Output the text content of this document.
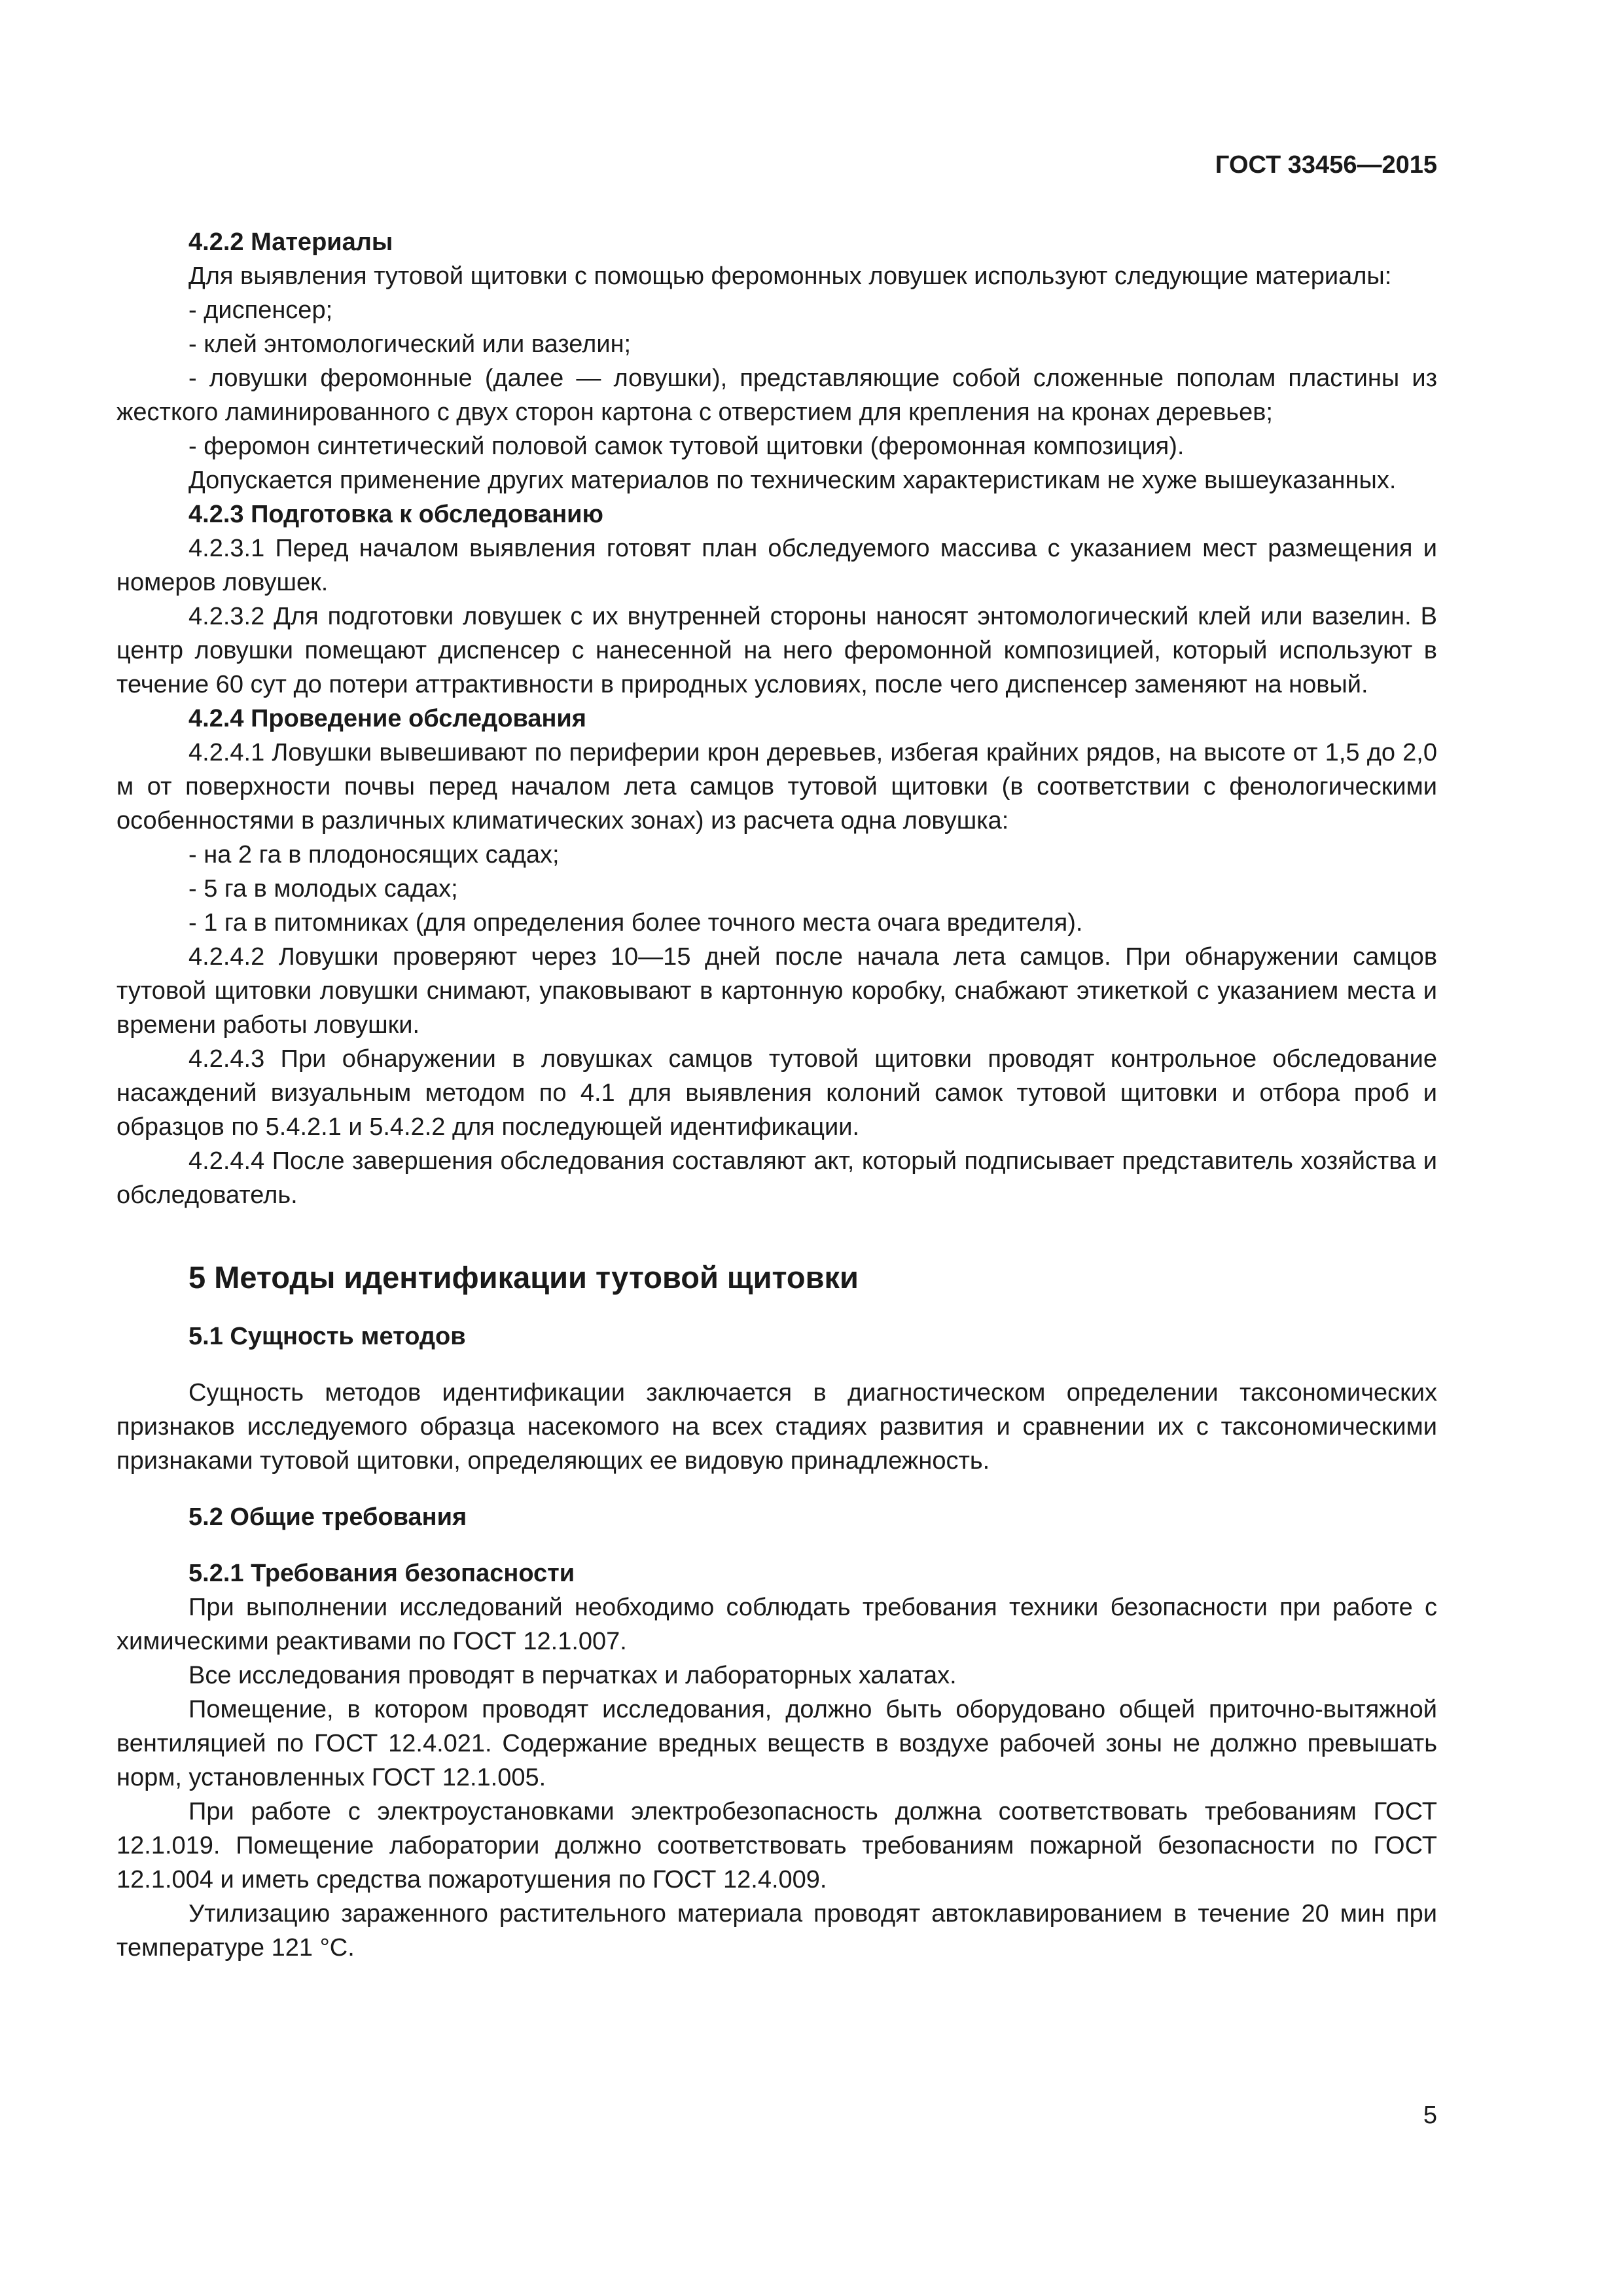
ГОСТ 33456—2015
4.2.2 Материалы

Для выявления тутовой щитовки с помощью феромонных ловушек используют следующие материалы:

- диспенсер;

- клей энтомологический или вазелин;

- ловушки феромонные (далее — ловушки), представляющие собой сложенные пополам пластины из жесткого ламинированного с двух сторон картона с отверстием для крепления на кронах деревьев;

- феромон синтетический половой самок тутовой щитовки (феромонная композиция).

Допускается применение других материалов по техническим характеристикам не хуже вышеуказанных.

4.2.3 Подготовка к обследованию

4.2.3.1 Перед началом выявления готовят план обследуемого массива с указанием мест размещения и номеров ловушек.

4.2.3.2 Для подготовки ловушек с их внутренней стороны наносят энтомологический клей или вазелин. В центр ловушки помещают диспенсер с нанесенной на него феромонной композицией, который используют в течение 60 сут до потери аттрактивности в природных условиях, после чего диспенсер заменяют на новый.

4.2.4 Проведение обследования

4.2.4.1 Ловушки вывешивают по периферии крон деревьев, избегая крайних рядов, на высоте от 1,5 до 2,0 м от поверхности почвы перед началом лета самцов тутовой щитовки (в соответствии с фенологическими особенностями в различных климатических зонах) из расчета одна ловушка:

- на 2 га в плодоносящих садах;

- 5 га в молодых садах;

- 1 га в питомниках (для определения более точного места очага вредителя).

4.2.4.2 Ловушки проверяют через 10—15 дней после начала лета самцов. При обнаружении самцов тутовой щитовки ловушки снимают, упаковывают в картонную коробку, снабжают этикеткой с указанием места и времени работы ловушки.

4.2.4.3 При обнаружении в ловушках самцов тутовой щитовки проводят контрольное обследование насаждений визуальным методом по 4.1 для выявления колоний самок тутовой щитовки и отбора проб и образцов по 5.4.2.1 и 5.4.2.2 для последующей идентификации.

4.2.4.4 После завершения обследования составляют акт, который подписывает представитель хозяйства и обследователь.

5 Методы идентификации тутовой щитовки
5.1 Сущность методов

Сущность методов идентификации заключается в диагностическом определении таксономических признаков исследуемого образца насекомого на всех стадиях развития и сравнении их с таксономическими признаками тутовой щитовки, определяющих ее видовую принадлежность.

5.2 Общие требования
5.2.1 Требования безопасности

При выполнении исследований необходимо соблюдать требования техники безопасности при работе с химическими реактивами по ГОСТ 12.1.007.

Все исследования проводят в перчатках и лабораторных халатах.

Помещение, в котором проводят исследования, должно быть оборудовано общей приточно-вытяжной вентиляцией по ГОСТ 12.4.021. Содержание вредных веществ в воздухе рабочей зоны не должно превышать норм, установленных ГОСТ 12.1.005.

При работе с электроустановками электробезопасность должна соответствовать требованиям ГОСТ 12.1.019. Помещение лаборатории должно соответствовать требованиям пожарной безопасности по ГОСТ 12.1.004 и иметь средства пожаротушения по ГОСТ 12.4.009.

Утилизацию зараженного растительного материала проводят автоклавированием в течение 20 мин при температуре 121 °С.

5
